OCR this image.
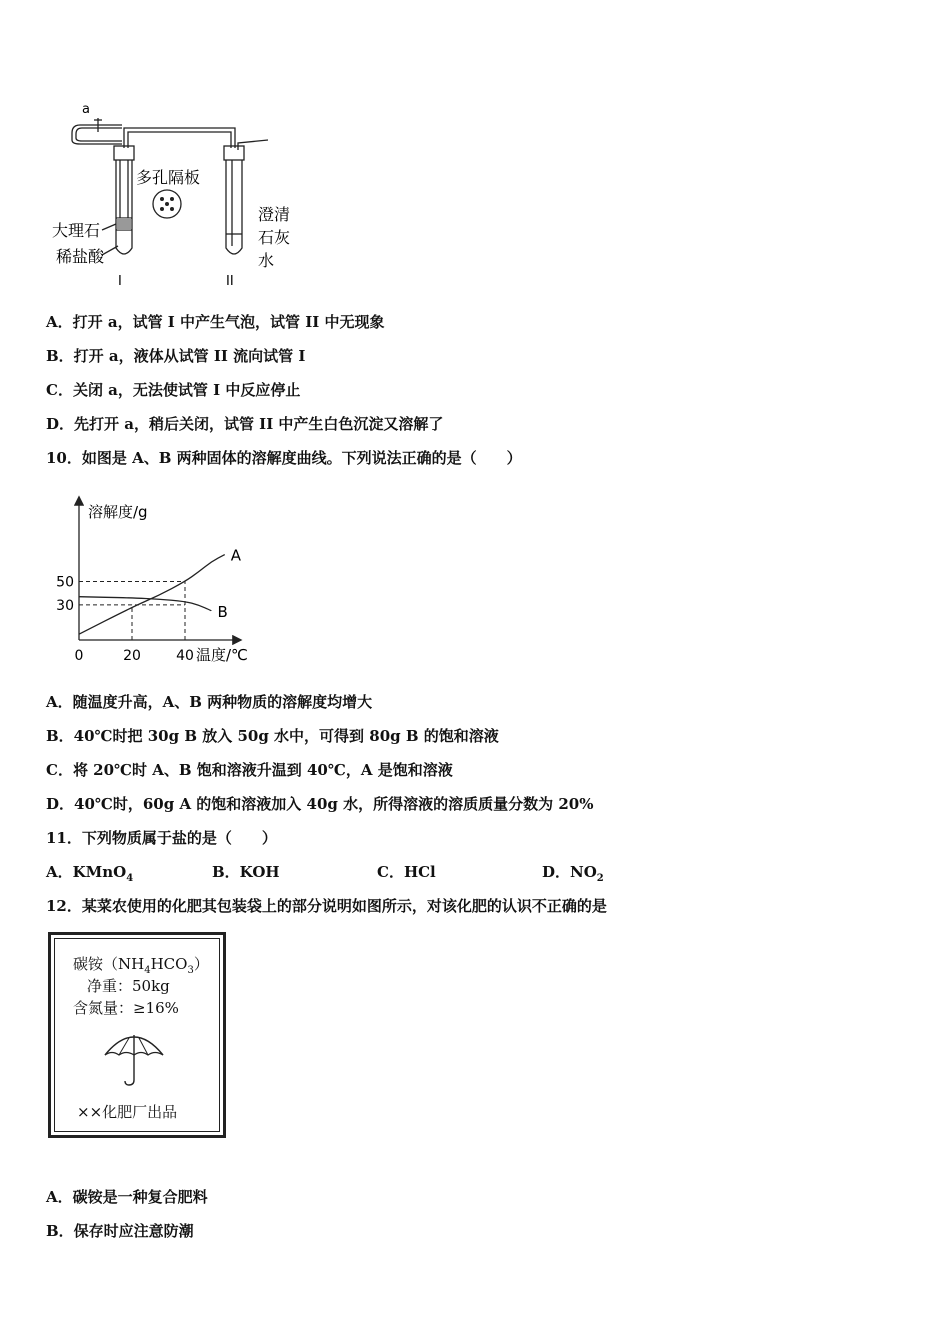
a
多孔隔板
大理石
稀盐酸
I	II
澄清
石灰
水
A．打开 a，试管 I 中产生气泡，试管 II 中无现象
B．打开 a，液体从试管 II 流向试管 I
C．关闭 a，无法使试管 I 中反应停止
D．先打开 a，稍后关闭，试管 II 中产生白色沉淀又溶解了
10．如图是 A、B 两种固体的溶解度曲线。下列说法正确的是（　　）
A
B
0	20	40
30
50
溶解度/g
温度/℃
A．随温度升高，A、B 两种物质的溶解度均增大
B．40℃时把 30g B 放入 50g 水中，可得到 80g B 的饱和溶液
C．将 20℃时 A、B 饱和溶液升温到 40℃，A 是饱和溶液
D．40℃时，60g A 的饱和溶液加入 40g 水，所得溶液的溶质质量分数为 20%
11．下列物质属于盐的是（　　）
A．KMnO$_4$	B．KOH	C．HCl	D．$NO_2$
12．某菜农使用的化肥其包装袋上的部分说明如图所示，对该化肥的认识不正确的是
碳铵$(NH_4HCO_3)$
净重：50kg
含氮量：≥16%
××化肥厂出品
A．碳铵是一种复合肥料
B．保存时应注意防潮
